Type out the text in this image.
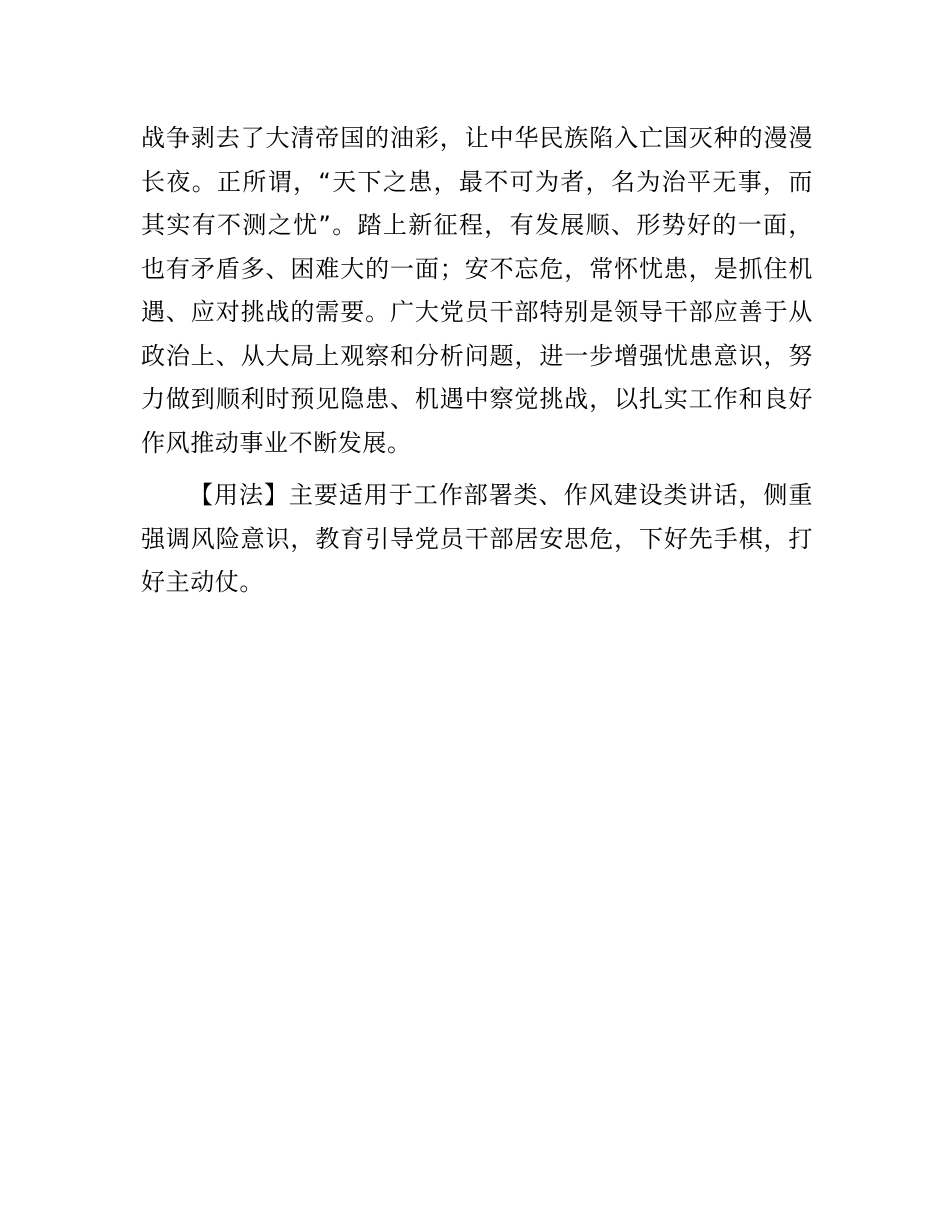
战争剥去了大清帝国的油彩，让中华民族陷入亡国灭种的漫漫长夜。正所谓，“天下之患，最不可为者，名为治平无事，而其实有不测之忧”。踏上新征程，有发展顺、形势好的一面，也有矛盾多、困难大的一面；安不忘危，常怀忧患，是抓住机遇、应对挑战的需要。广大党员干部特别是领导干部应善于从政治上、从大局上观察和分析问题，进一步增强忧患意识，努力做到顺利时预见隐患、机遇中察觉挑战，以扎实工作和良好作风推动事业不断发展。

【用法】主要适用于工作部署类、作风建设类讲话，侧重强调风险意识，教育引导党员干部居安思危，下好先手棋，打好主动仗。
